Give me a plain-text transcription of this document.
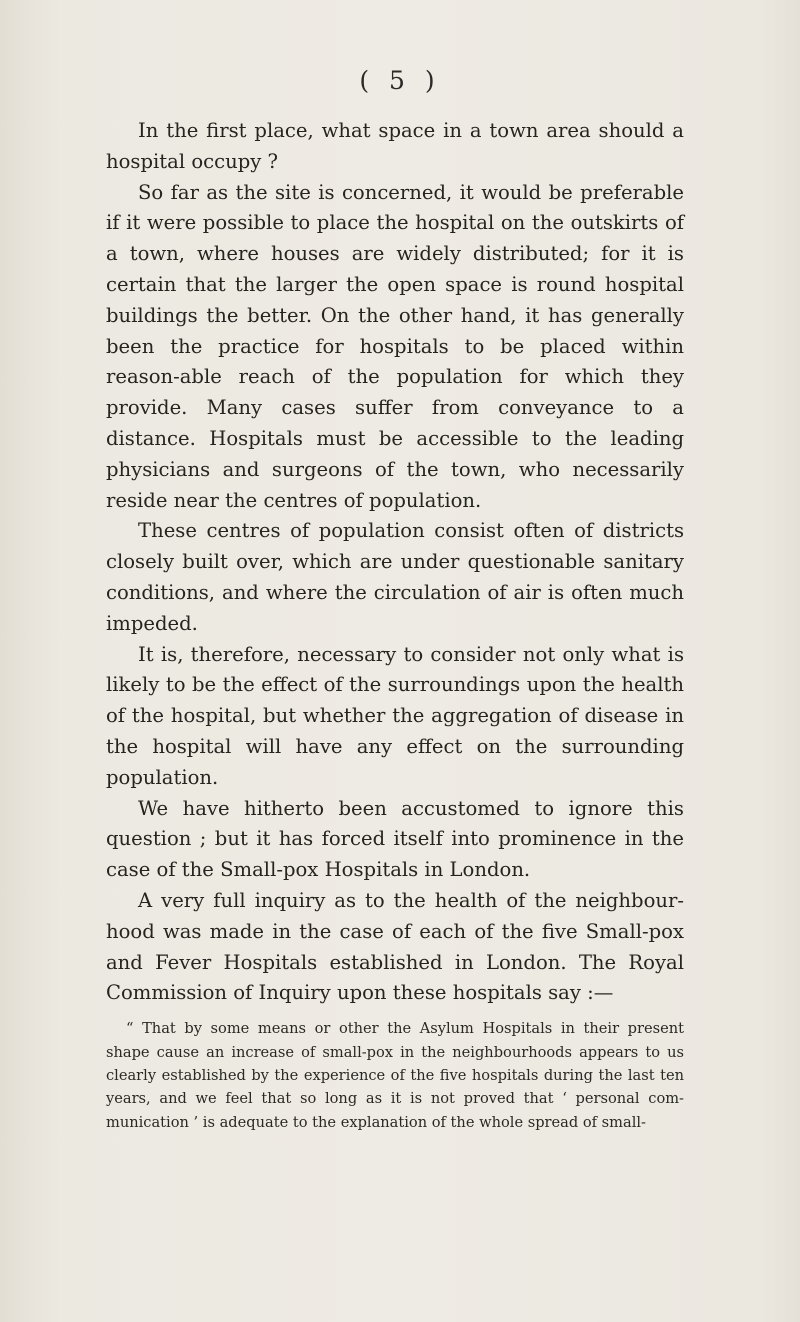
( 5 )

In the first place, what space in a town area should a hospital occupy ?

So far as the site is concerned, it would be preferable if it were possible to place the hospital on the outskirts of a town, where houses are widely distributed; for it is certain that the larger the open space is round hospital buildings the better. On the other hand, it has generally been the practice for hospitals to be placed within reason-able reach of the population for which they provide. Many cases suffer from conveyance to a distance. Hospitals must be accessible to the leading physicians and surgeons of the town, who necessarily reside near the centres of population.

These centres of population consist often of districts closely built over, which are under questionable sanitary conditions, and where the circulation of air is often much impeded.

It is, therefore, necessary to consider not only what is likely to be the effect of the surroundings upon the health of the hospital, but whether the aggregation of disease in the hospital will have any effect on the surrounding population.

We have hitherto been accustomed to ignore this question ; but it has forced itself into prominence in the case of the Small-pox Hospitals in London.

A very full inquiry as to the health of the neighbour-hood was made in the case of each of the five Small-pox and Fever Hospitals established in London. The Royal Commission of Inquiry upon these hospitals say :—

“ That by some means or other the Asylum Hospitals in their present shape cause an increase of small-pox in the neighbourhoods appears to us clearly established by the experience of the five hospitals during the last ten years, and we feel that so long as it is not proved that ‘ personal com-munication ’ is adequate to the explanation of the whole spread of small-
